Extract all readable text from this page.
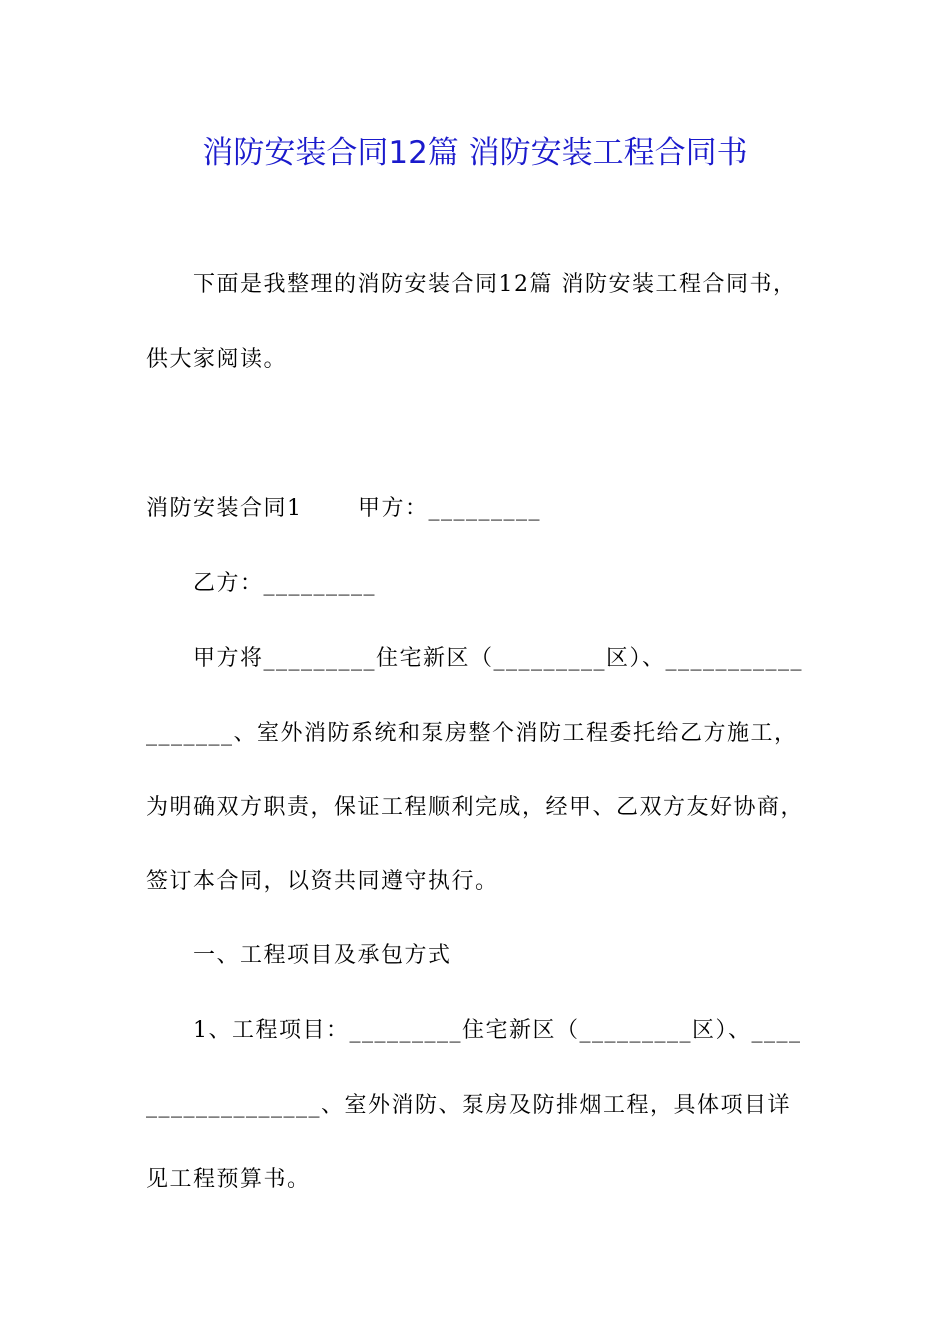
消防安装合同12篇 消防安装工程合同书
下面是我整理的消防安装合同12篇 消防安装工程合同书，
供大家阅读。
消防安装合同1　　 甲方：_________
乙方：_________
甲方将_________住宅新区（_________区）、___________
_______、室外消防系统和泵房整个消防工程委托给乙方施工，
为明确双方职责，保证工程顺利完成，经甲、乙双方友好协商，
签订本合同，以资共同遵守执行。
一、工程项目及承包方式
1、工程项目：_________住宅新区（_________区）、____
______________、室外消防、泵房及防排烟工程，具体项目详
见工程预算书。
